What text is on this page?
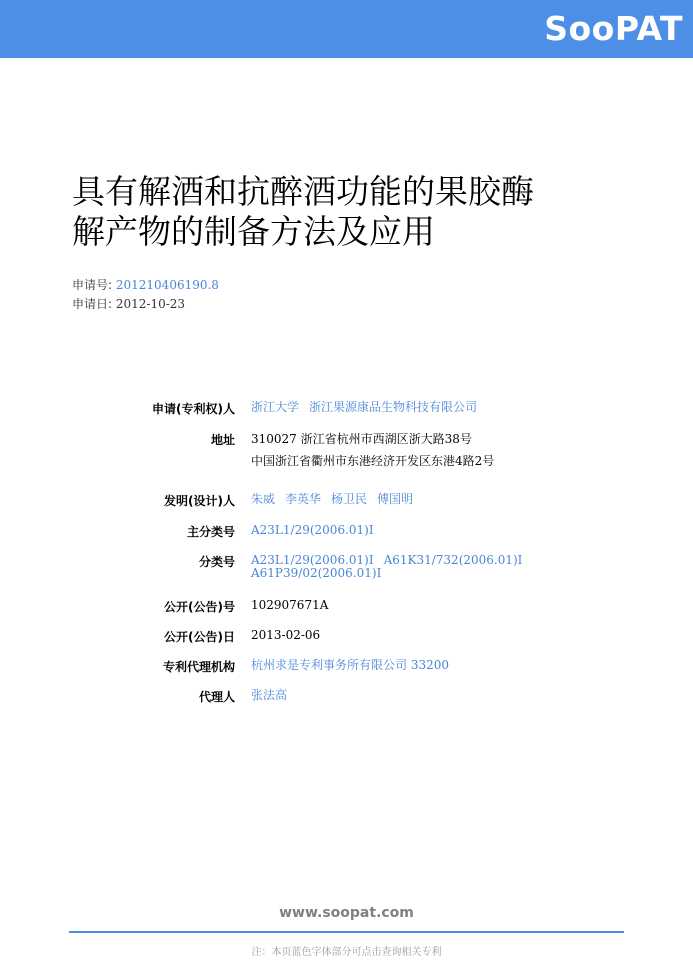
SooPAT
具有解酒和抗醉酒功能的果胶酶
解产物的制备方法及应用
申请号: 201210406190.8
申请日: 2012-10-23
申请(专利权)人 浙江大学 浙江果源康品生物科技有限公司
地址 310027 浙江省杭州市西湖区浙大路38号
中国浙江省衢州市东港经济开发区东港4路2号
发明(设计)人 朱威 李英华 杨卫民 傅国明
主分类号 A23L1/29(2006.01)I
分类号 A23L1/29(2006.01)I A61K31/732(2006.01)I
A61P39/02(2006.01)I
公开(公告)号 102907671A
公开(公告)日 2013-02-06
专利代理机构 杭州求是专利事务所有限公司 33200
代理人 张法高
www.soopat.com
注：本页蓝色字体部分可点击查询相关专利
